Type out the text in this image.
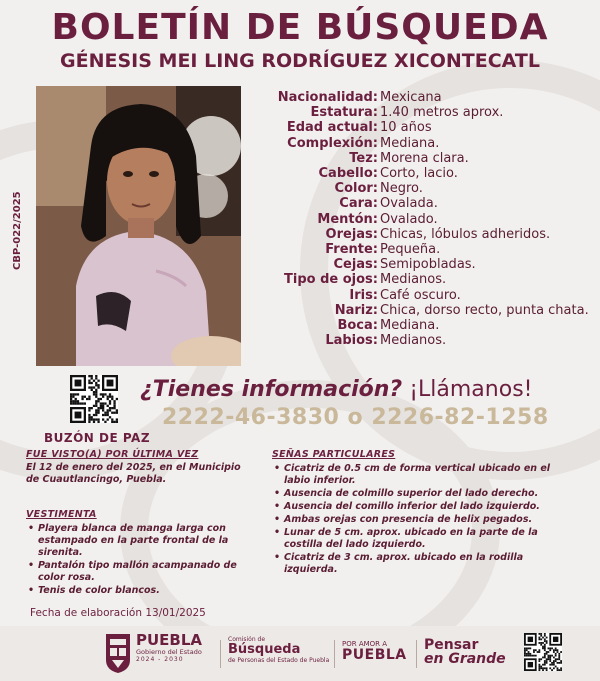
BOLETÍN DE BÚSQUEDA
GÉNESIS MEI LING RODRÍGUEZ XICONTECATL
CBP-022/2025
Nacionalidad: Mexicana
Estatura: 1.40 metros aprox.
Edad actual: 10 años
Complexión: Mediana.
Tez: Morena clara.
Cabello: Corto, lacio.
Color: Negro.
Cara: Ovalada.
Mentón: Ovalado.
Orejas: Chicas, lóbulos adheridos.
Frente: Pequeña.
Cejas: Semipobladas.
Tipo de ojos: Medianos.
Iris: Café oscuro.
Nariz: Chica, dorso recto, punta chata.
Boca: Mediana.
Labios: Medianos.
BUZÓN DE PAZ
¿Tienes información? ¡Llámanos!
2222-46-3830 o 2226-82-1258
FUE VISTO(A) POR ÚLTIMA VEZ
El 12 de enero del 2025, en el Municipio de Cuautlancingo, Puebla.
VESTIMENTA
• Playera blanca de manga larga con estampado en la parte frontal de la sirenita.
• Pantalón tipo mallón acampanado de color rosa.
• Tenis de color blancos.
SEÑAS PARTICULARES
• Cicatriz de 0.5 cm de forma vertical ubicado en el labio inferior.
• Ausencia de colmillo superior del lado derecho.
• Ausencia del comillo inferior del lado izquierdo.
• Ambas orejas con presencia de helix pegados.
• Lunar de 5 cm. aprox. ubicado en la parte de la costilla del lado izquierdo.
• Cicatriz de 3 cm. aprox. ubicado en la rodilla izquierda.
Fecha de elaboración 13/01/2025
PUEBLA
Gobierno del Estado
2024 - 2030
Comisión de
Búsqueda
de Personas del Estado de Puebla
POR AMOR A
PUEBLA
Pensar
en Grande
